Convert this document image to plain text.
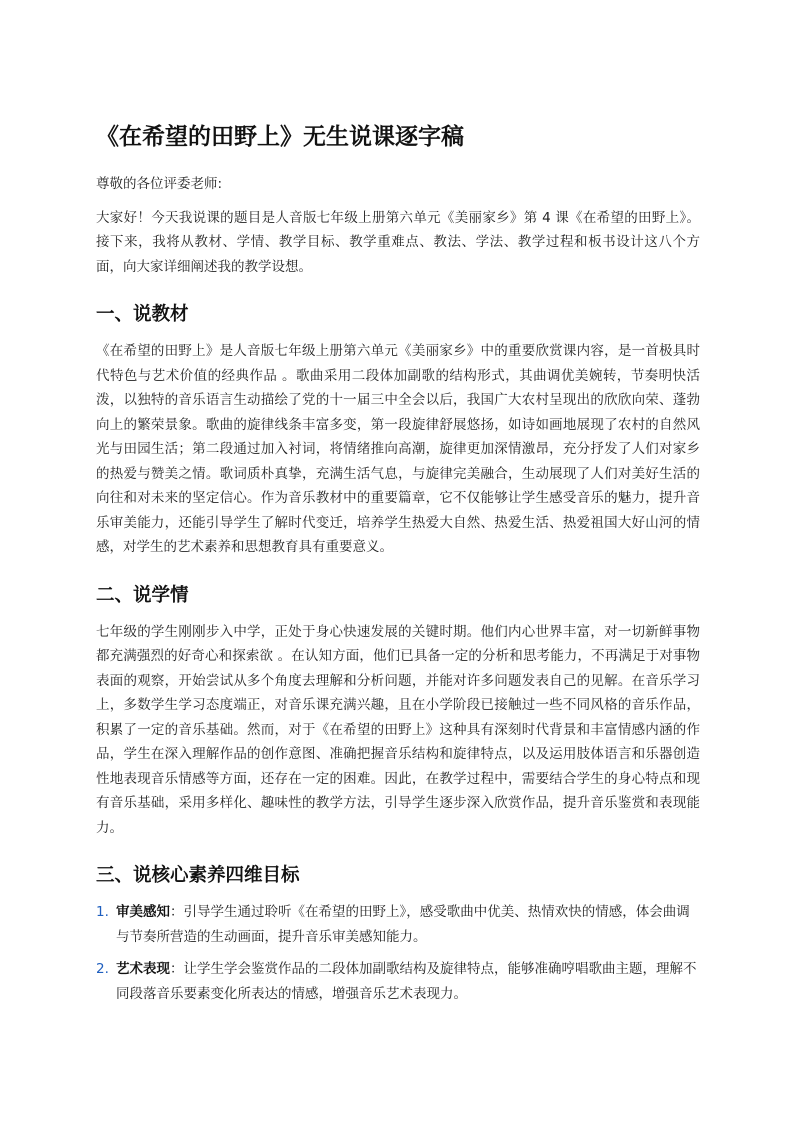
《在希望的田野上》无生说课逐字稿

尊敬的各位评委老师:

大家好！今天我说课的题目是人音版七年级上册第六单元《美丽家乡》第 4 课《在希望的田野上》。接下来，我将从教材、学情、教学目标、教学重难点、教法、学法、教学过程和板书设计这八个方面，向大家详细阐述我的教学设想。

一、说教材

《在希望的田野上》是人音版七年级上册第六单元《美丽家乡》中的重要欣赏课内容，是一首极具时代特色与艺术价值的经典作品 。歌曲采用二段体加副歌的结构形式，其曲调优美婉转，节奏明快活泼，以独特的音乐语言生动描绘了党的十一届三中全会以后，我国广大农村呈现出的欣欣向荣、蓬勃向上的繁荣景象。歌曲的旋律线条丰富多变，第一段旋律舒展悠扬，如诗如画地展现了农村的自然风光与田园生活；第二段通过加入衬词，将情绪推向高潮，旋律更加深情激昂，充分抒发了人们对家乡的热爱与赞美之情。歌词质朴真挚，充满生活气息，与旋律完美融合，生动展现了人们对美好生活的向往和对未来的坚定信心。作为音乐教材中的重要篇章，它不仅能够让学生感受音乐的魅力，提升音乐审美能力，还能引导学生了解时代变迁，培养学生热爱大自然、热爱生活、热爱祖国大好山河的情感，对学生的艺术素养和思想教育具有重要意义。

二、说学情

七年级的学生刚刚步入中学，正处于身心快速发展的关键时期。他们内心世界丰富，对一切新鲜事物都充满强烈的好奇心和探索欲 。在认知方面，他们已具备一定的分析和思考能力，不再满足于对事物表面的观察，开始尝试从多个角度去理解和分析问题，并能对许多问题发表自己的见解。在音乐学习上，多数学生学习态度端正，对音乐课充满兴趣，且在小学阶段已接触过一些不同风格的音乐作品，积累了一定的音乐基础。然而，对于《在希望的田野上》这种具有深刻时代背景和丰富情感内涵的作品，学生在深入理解作品的创作意图、准确把握音乐结构和旋律特点，以及运用肢体语言和乐器创造性地表现音乐情感等方面，还存在一定的困难。因此，在教学过程中，需要结合学生的身心特点和现有音乐基础，采用多样化、趣味性的教学方法，引导学生逐步深入欣赏作品，提升音乐鉴赏和表现能力。

三、说核心素养四维目标
1. 审美感知：引导学生通过聆听《在希望的田野上》，感受歌曲中优美、热情欢快的情感，体会曲调与节奏所营造的生动画面，提升音乐审美感知能力。
2. 艺术表现：让学生学会鉴赏作品的二段体加副歌结构及旋律特点，能够准确哼唱歌曲主题，理解不同段落音乐要素变化所表达的情感，增强音乐艺术表现力。
